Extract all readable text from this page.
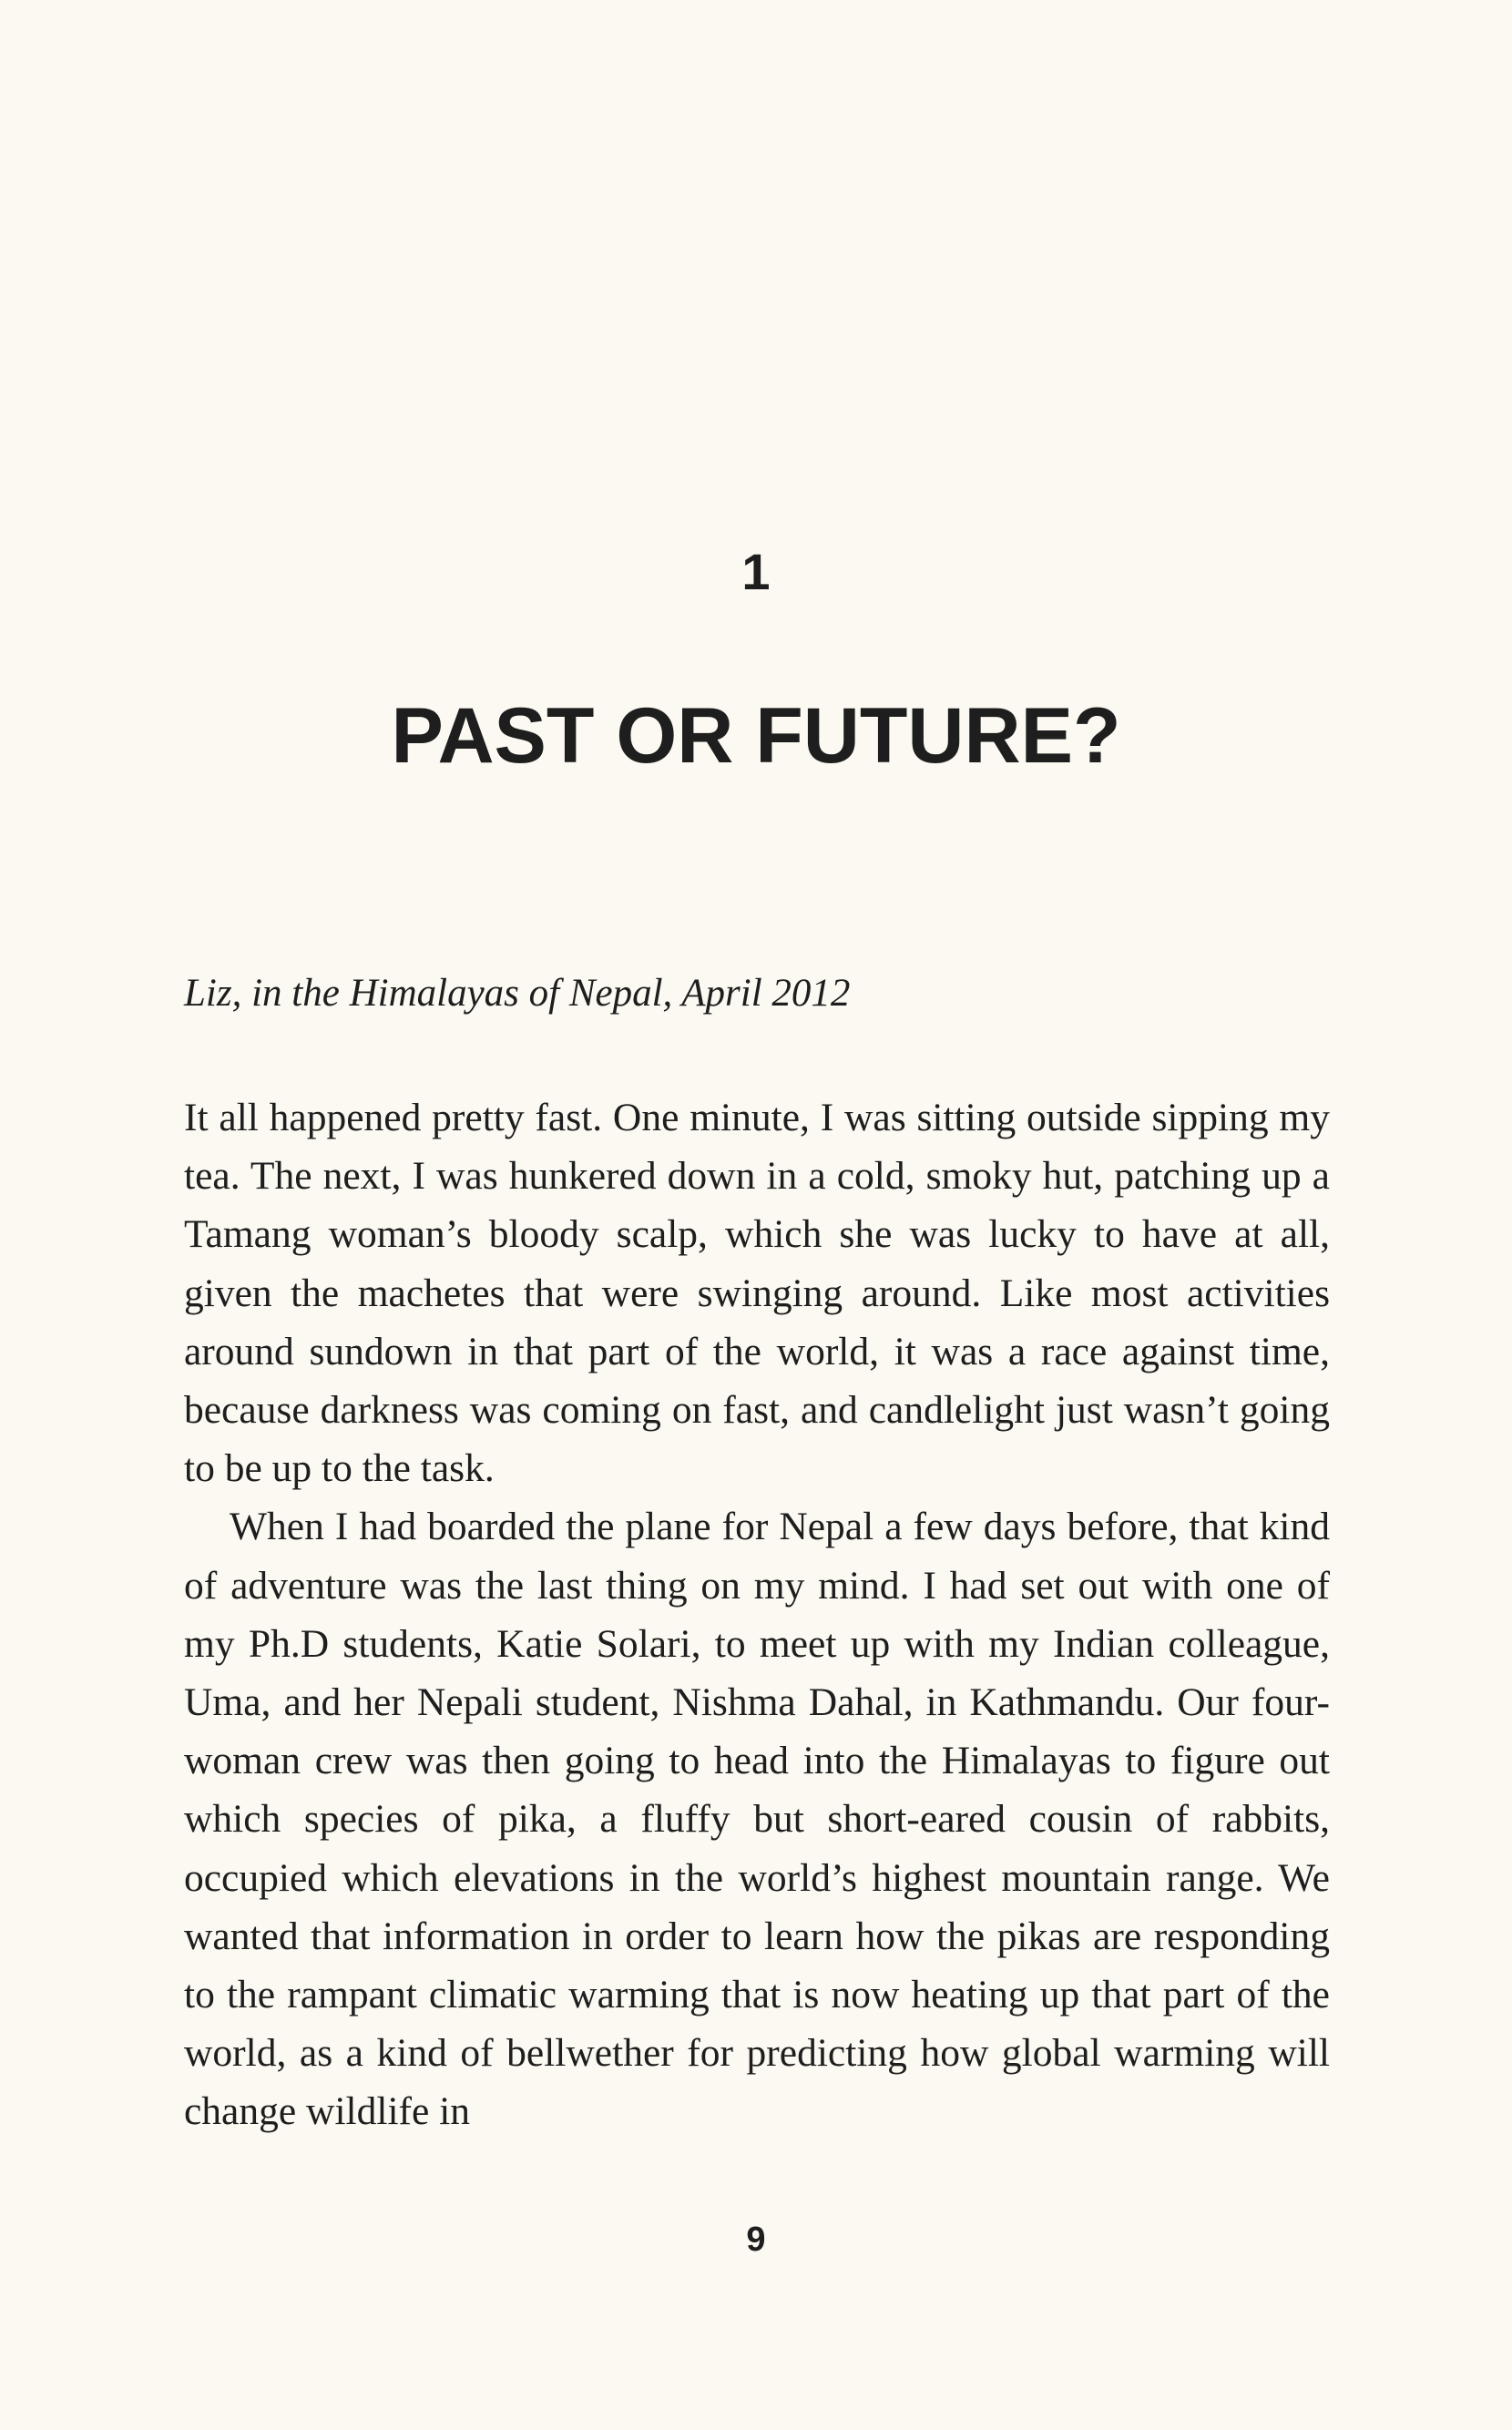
1
PAST OR FUTURE?
Liz, in the Himalayas of Nepal, April 2012

It all happened pretty fast. One minute, I was sitting outside sipping my tea. The next, I was hunkered down in a cold, smoky hut, patching up a Tamang woman’s bloody scalp, which she was lucky to have at all, given the machetes that were swinging around. Like most activities around sundown in that part of the world, it was a race against time, because darkness was coming on fast, and candlelight just wasn’t going to be up to the task.

When I had boarded the plane for Nepal a few days before, that kind of adventure was the last thing on my mind. I had set out with one of my Ph.D students, Katie Solari, to meet up with my Indian colleague, Uma, and her Nepali student, Nishma Dahal, in Kathmandu. Our four-woman crew was then going to head into the Himalayas to figure out which species of pika, a fluffy but short-eared cousin of rabbits, occupied which elevations in the world’s highest mountain range. We wanted that information in order to learn how the pikas are responding to the rampant climatic warming that is now heating up that part of the world, as a kind of bellwether for predicting how global warming will change wildlife in

9
